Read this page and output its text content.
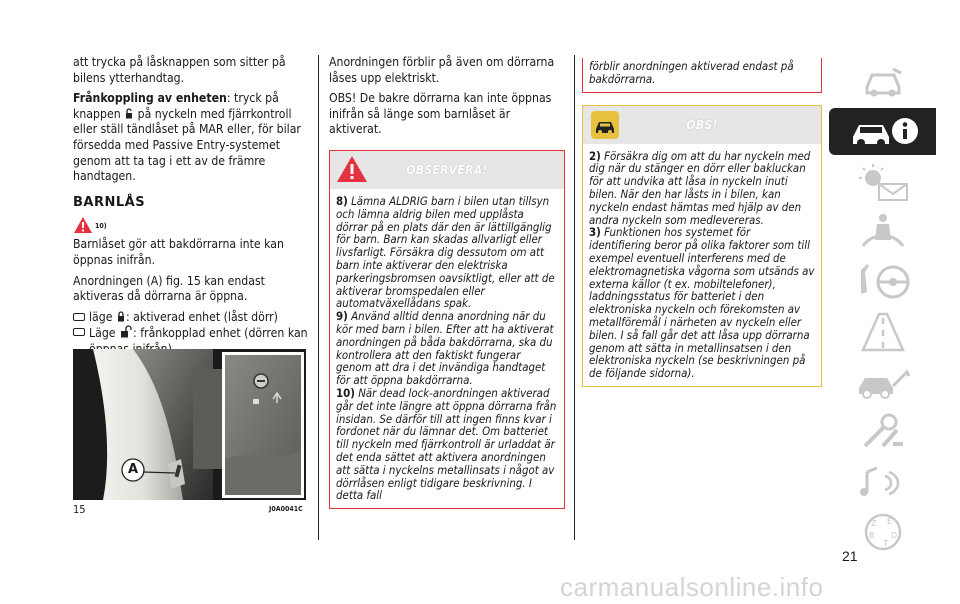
att trycka på låsknappen som sitter på bilens ytterhandtag.

Frånkoppling av enheten: tryck på knappen  på nyckeln med fjärrkontroll eller ställ tändlåset på MAR eller, för bilar försedda med Passive Entry-systemet genom att ta tag i ett av de främre handtagen.

BARNLÅS
10)

Barnlåset gör att bakdörrarna inte kan öppnas inifrån.

Anordningen (A) fig. 15 kan endast aktiveras då dörrarna är öppna.

läge : aktiverad enhet (låst dörr)
Läge : frånkopplad enhet (dörren kan
A
15	J0A0041C

Anordningen förblir på även om dörrarna låses upp elektriskt.

OBS! De bakre dörrarna kan inte öppnas inifrån så länge som barnlåset är aktiverat.

OBSERVERA!
8) Lämna ALDRIG barn i bilen utan tillsyn och lämna aldrig bilen med upplåsta dörrar på en plats där den är lättillgänglig för barn. Barn kan skadas allvarligt eller livsfarligt. Försäkra dig dessutom om att barn inte aktiverar den elektriska parkeringsbromsen oavsiktligt, eller att de aktiverar bromspedalen eller automatväxellådans spak.
9) Använd alltid denna anordning när du kör med barn i bilen. Efter att ha aktiverat anordningen på båda bakdörrarna, ska du kontrollera att den faktiskt fungerar genom att dra i det invändiga handtaget för att öppna bakdörrarna.
10) När dead lock-anordningen aktiverad går det inte längre att öppna dörrarna från insidan. Se därför till att ingen finns kvar i fordonet när du lämnar det. Om batteriet till nyckeln med fjärrkontroll är urladdat är det enda sättet att aktivera anordningen att sätta i nyckelns metallinsats i något av dörrlåsen enligt tidigare beskrivning. I detta fall
förblir anordningen aktiverad endast på bakdörrarna.
OBS!
2) Försäkra dig om att du har nyckeln med dig när du stänger en dörr eller bakluckan för att undvika att låsa in nyckeln inuti bilen. När den har låsts in i bilen, kan nyckeln endast hämtas med hjälp av den andra nyckeln som medlevereras.
3) Funktionen hos systemet för identifiering beror på olika faktorer som till exempel eventuell interferens med de elektromagnetiska vågorna som utsänds av externa källor (t ex. mobiltelefoner), laddningsstatus för batteriet i den elektroniska nyckeln och förekomsten av metallföremål i närheten av nyckeln eller bilen. I så fall går det att låsa upp dörrarna genom att sätta in metallinsatsen i den elektroniska nyckeln (se beskrivningen på de följande sidorna).
Z E
B
T
D
21
carmanualsonline.info
